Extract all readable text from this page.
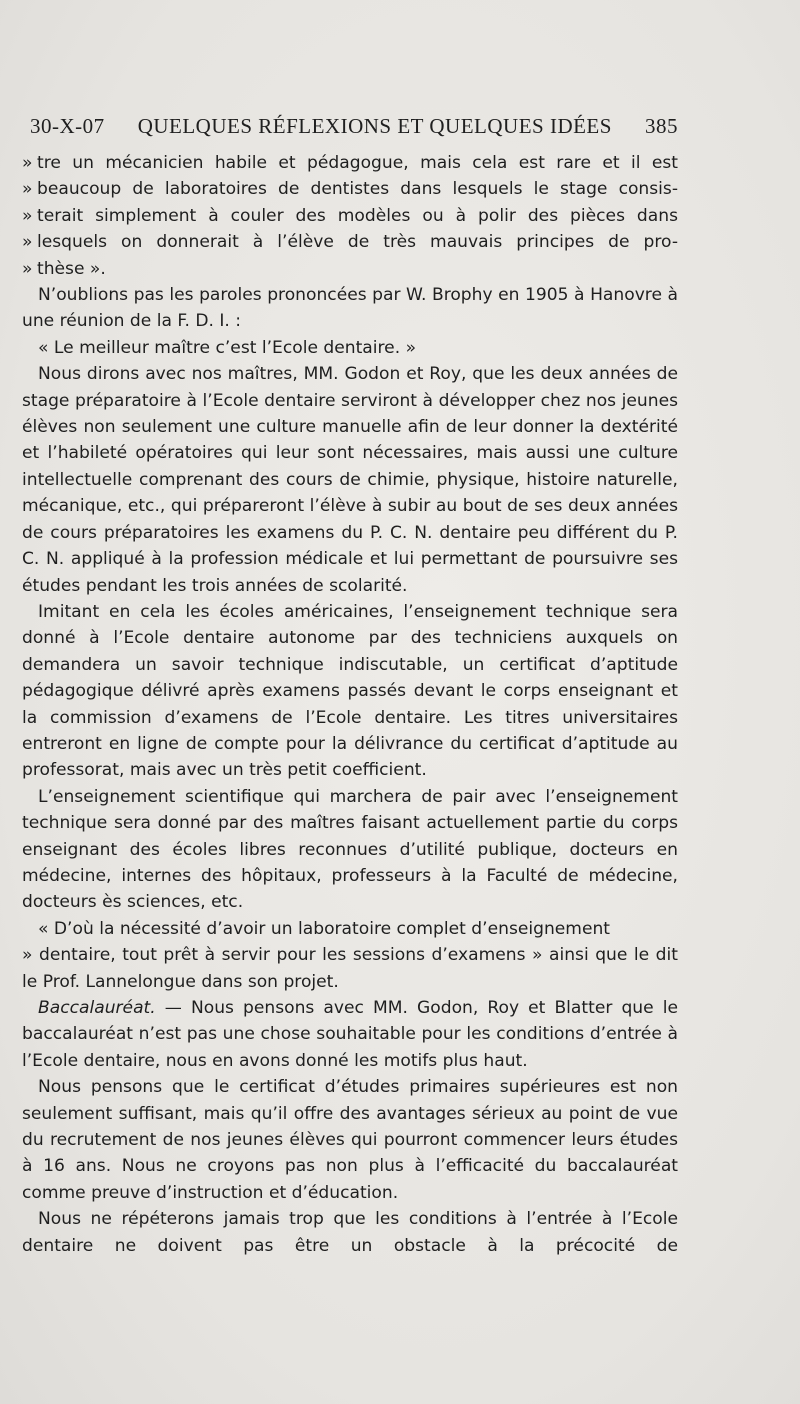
30-X-07 QUELQUES RÉFLEXIONS ET QUELQUES IDÉES 385
» tre un mécanicien habile et pédagogue, mais cela est rare et il est
» beaucoup de laboratoires de dentistes dans lesquels le stage consis-
» terait simplement à couler des modèles ou à polir des pièces dans
» lesquels on donnerait à l’élève de très mauvais principes de pro-
» thèse ».

N’oublions pas les paroles prononcées par W. Brophy en 1905 à Hanovre à une réunion de la F. D. I. :

« Le meilleur maître c’est l’Ecole dentaire. »

Nous dirons avec nos maîtres, MM. Godon et Roy, que les deux années de stage préparatoire à l’Ecole dentaire serviront à développer chez nos jeunes élèves non seulement une culture manuelle afin de leur donner la dextérité et l’habileté opératoires qui leur sont nécessaires, mais aussi une culture intellectuelle comprenant des cours de chimie, physique, histoire naturelle, mécanique, etc., qui prépareront l’élève à subir au bout de ses deux années de cours préparatoires les examens du P. C. N. dentaire peu différent du P. C. N. appliqué à la profession médicale et lui permettant de poursuivre ses études pendant les trois années de scolarité.

Imitant en cela les écoles américaines, l’enseignement technique sera donné à l’Ecole dentaire autonome par des techniciens auxquels on demandera un savoir technique indiscutable, un certificat d’aptitude pédagogique délivré après examens passés devant le corps enseignant et la commission d’examens de l’Ecole dentaire. Les titres universitaires entreront en ligne de compte pour la délivrance du certificat d’aptitude au professorat, mais avec un très petit coefficient.

L’enseignement scientifique qui marchera de pair avec l’enseignement technique sera donné par des maîtres faisant actuellement partie du corps enseignant des écoles libres reconnues d’utilité publique, docteurs en médecine, internes des hôpitaux, professeurs à la Faculté de médecine, docteurs ès sciences, etc.

« D’où la nécessité d’avoir un laboratoire complet d’enseignement

» dentaire, tout prêt à servir pour les sessions d’examens » ainsi que le dit le Prof. Lannelongue dans son projet.

Baccalauréat. — Nous pensons avec MM. Godon, Roy et Blatter que le baccalauréat n’est pas une chose souhaitable pour les conditions d’entrée à l’Ecole dentaire, nous en avons donné les motifs plus haut.

Nous pensons que le certificat d’études primaires supérieures est non seulement suffisant, mais qu’il offre des avantages sérieux au point de vue du recrutement de nos jeunes élèves qui pourront commencer leurs études à 16 ans. Nous ne croyons pas non plus à l’efficacité du baccalauréat comme preuve d’instruction et d’éducation.

Nous ne répéterons jamais trop que les conditions à l’entrée à l’Ecole dentaire ne doivent pas être un obstacle à la précocité de
